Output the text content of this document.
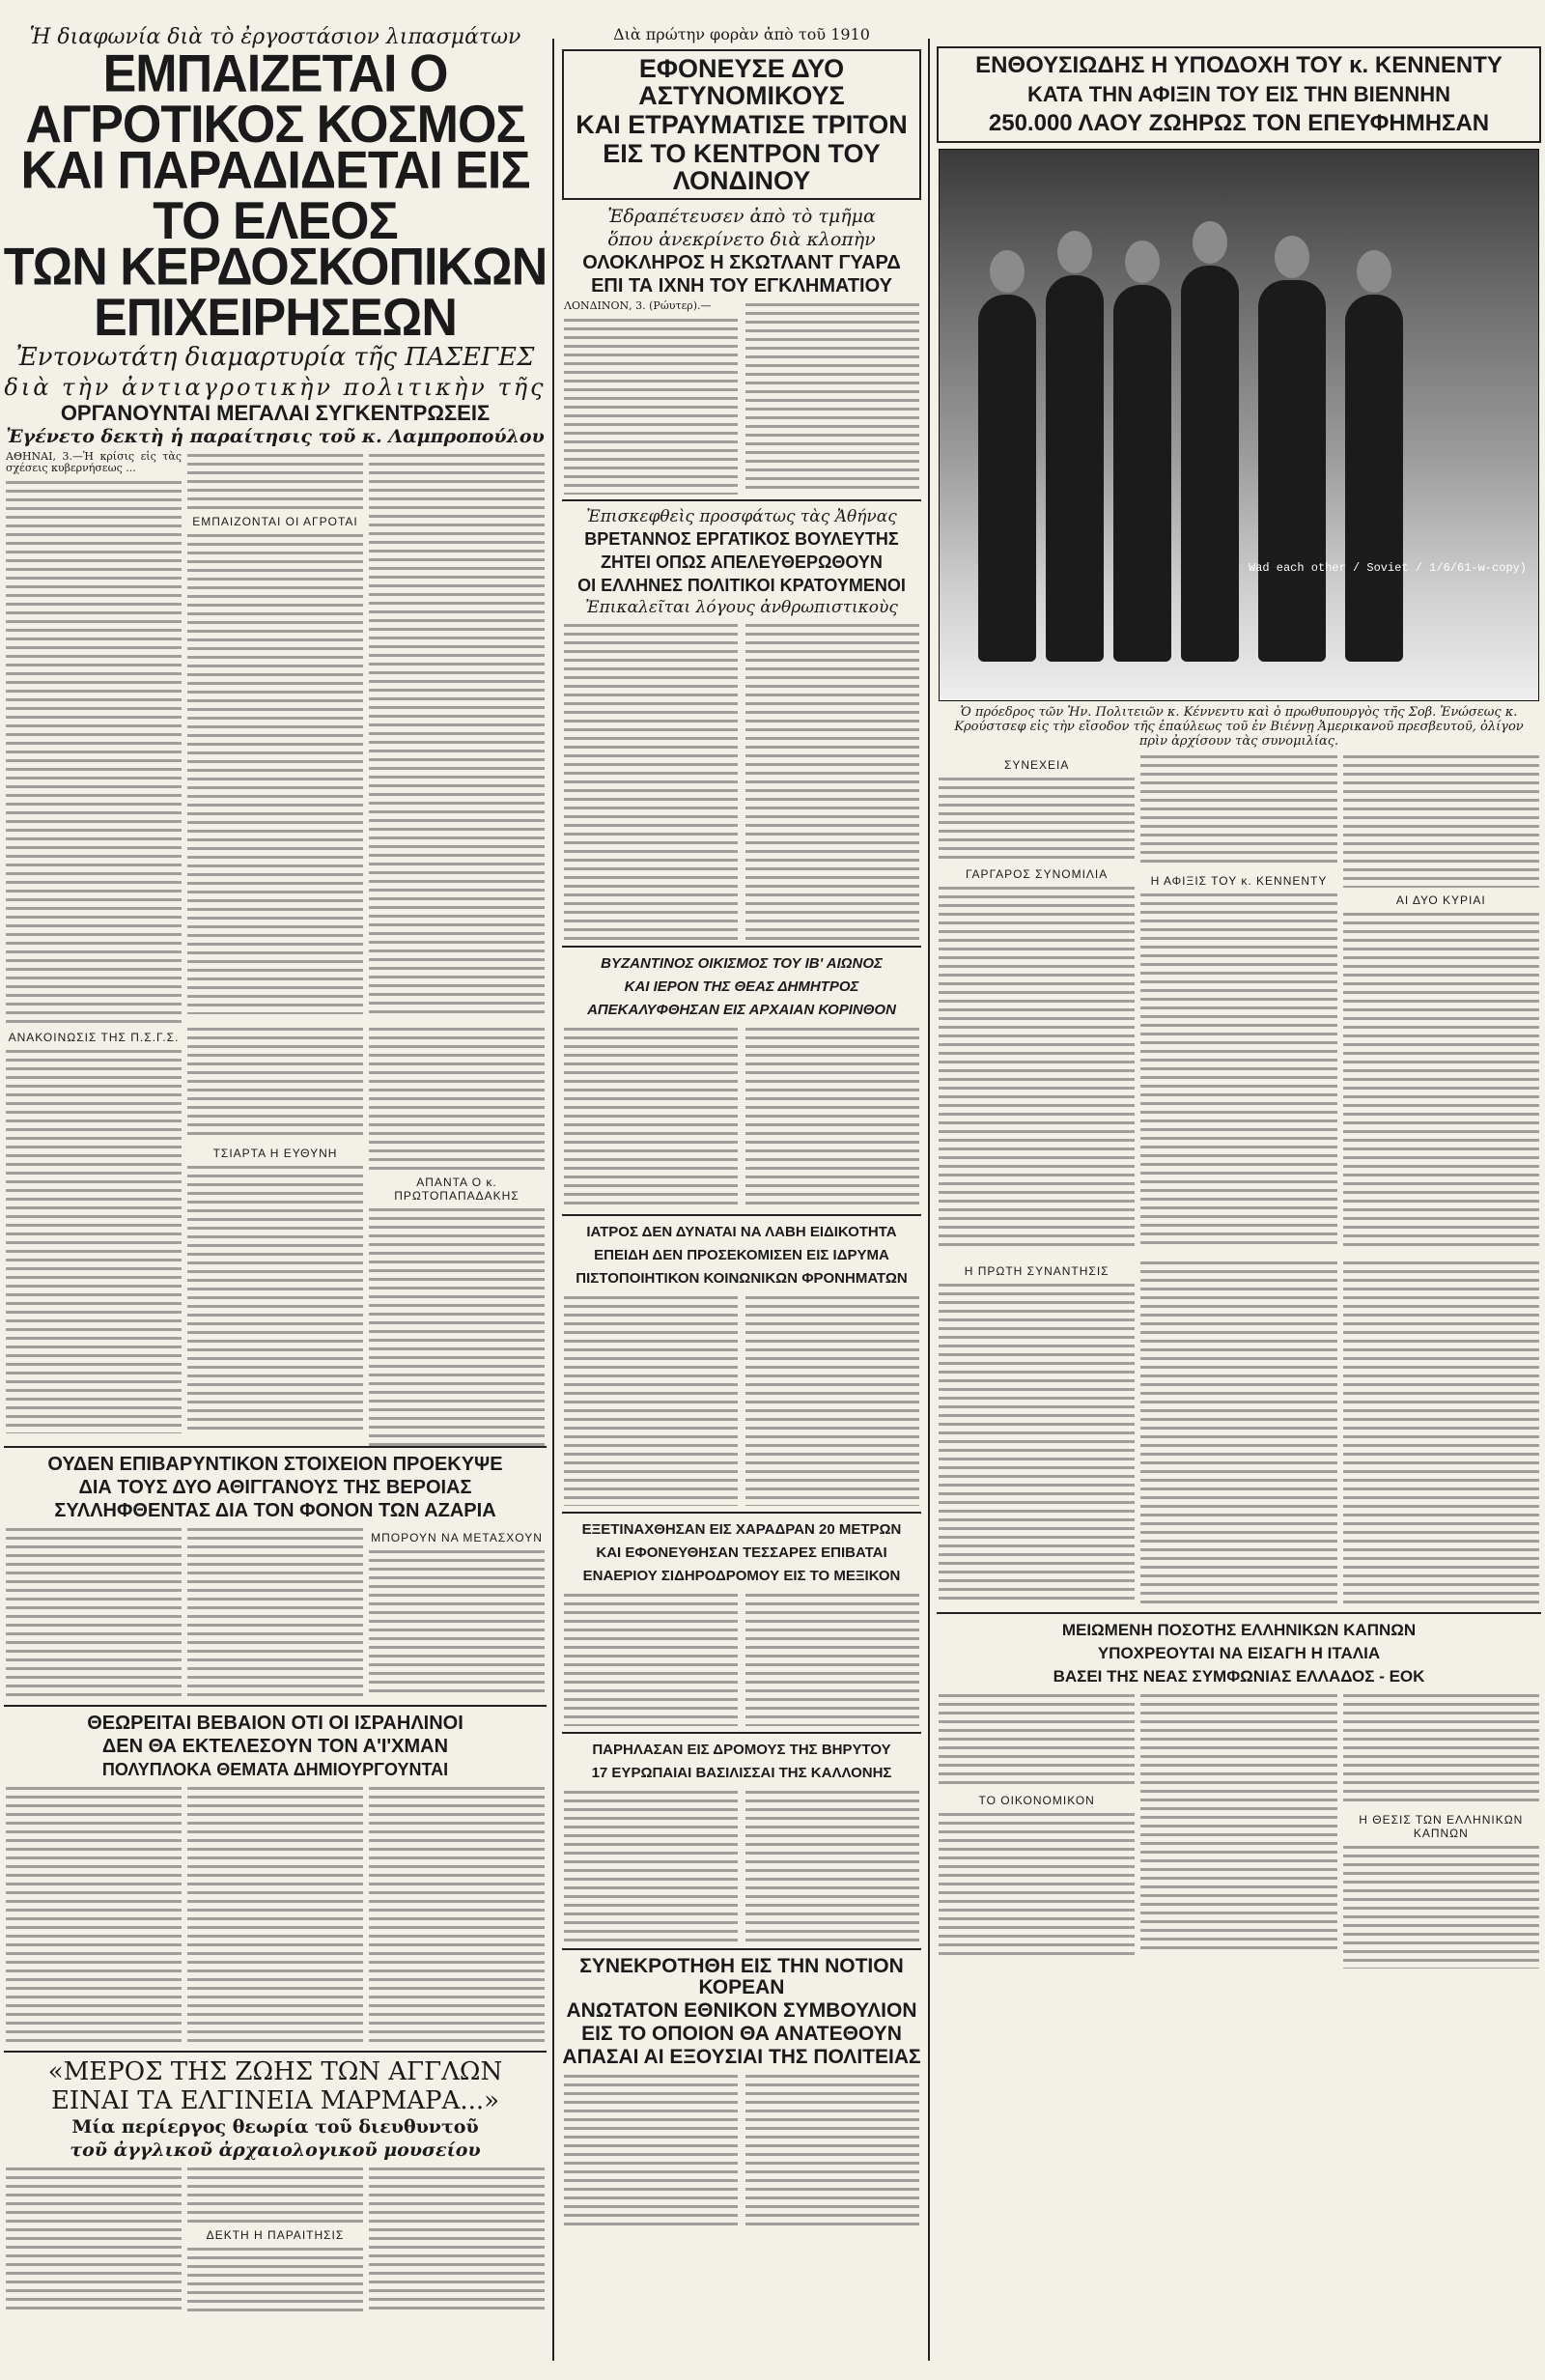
Ἡ διαφωνία διὰ τὸ ἐργοστάσιον λιπασμάτων
ΕΜΠΑΙΖΕΤΑΙ Ο ΑΓΡΟΤΙΚΟΣ ΚΟΣΜΟΣ
ΚΑΙ ΠΑΡΑΔΙΔΕΤΑΙ ΕΙΣ ΤΟ ΕΛΕΟΣ
ΤΩΝ ΚΕΡΔΟΣΚΟΠΙΚΩΝ ΕΠΙΧΕΙΡΗΣΕΩΝ
Ἐντονωτάτη διαμαρτυρία τῆς ΠΑΣΕΓΕΣ
διὰ τὴν ἀντιαγροτικὴν πολιτικὴν τῆς
ΟΡΓΑΝΟΥΝΤΑΙ ΜΕΓΑΛΑΙ ΣΥΓΚΕΝΤΡΩΣΕΙΣ
Ἐγένετο δεκτὴ ἡ παραίτησις τοῦ κ. Λαμπροπούλου

ΑΘΗΝΑΙ, 3.—Ἡ κρίσις εἰς τὰς σχέσεις κυβερνήσεως ...

ΕΜΠΑΙΖΟΝΤΑΙ ΟΙ ΑΓΡΟΤΑΙ
ΑΝΑΚΟΙΝΩΣΙΣ ΤΗΣ Π.Σ.Γ.Σ.
ΤΣΙΑΡΤΑ Η ΕΥΘΥΝΗ
ΑΠΑΝΤΑ Ο κ. ΠΡΩΤΟΠΑΠΑΔΑΚΗΣ
ΟΥΔΕΝ ΕΠΙΒΑΡΥΝΤΙΚΟΝ ΣΤΟΙΧΕΙΟΝ ΠΡΟΕΚΥΨΕ
ΔΙΑ ΤΟΥΣ ΔΥΟ ΑΘΙΓΓΑΝΟΥΣ ΤΗΣ ΒΕΡΟΙΑΣ
ΣΥΛΛΗΦΘΕΝΤΑΣ ΔΙΑ ΤΟΝ ΦΟΝΟΝ ΤΩΝ ΑΖΑΡΙΑ
ΜΠΟΡΟΥΝ ΝΑ ΜΕΤΑΣΧΟΥΝ
ΘΕΩΡΕΙΤΑΙ ΒΕΒΑΙΟΝ ΟΤΙ ΟΙ ΙΣΡΑΗΛΙΝΟΙ
ΔΕΝ ΘΑ ΕΚΤΕΛΕΣΟΥΝ ΤΟΝ Α'Ι'ΧΜΑΝ
ΠΟΛΥΠΛΟΚΑ ΘΕΜΑΤΑ ΔΗΜΙΟΥΡΓΟΥΝΤΑΙ
«ΜΕΡΟΣ ΤΗΣ ΖΩΗΣ ΤΩΝ ΑΓΓΛΩΝ
ΕΙΝΑΙ ΤΑ ΕΛΓΙΝΕΙΑ ΜΑΡΜΑΡΑ...»
Μία περίεργος θεωρία τοῦ διευθυντοῦ
τοῦ ἀγγλικοῦ ἀρχαιολογικοῦ μουσείου
ΔΕΚΤΗ Η ΠΑΡΑΙΤΗΣΙΣ
Διὰ πρώτην φορὰν ἀπὸ τοῦ 1910
ΕΦΟΝΕΥΣΕ ΔΥΟ ΑΣΤΥΝΟΜΙΚΟΥΣ
ΚΑΙ ΕΤΡΑΥΜΑΤΙΣΕ ΤΡΙΤΟΝ
ΕΙΣ ΤΟ ΚΕΝΤΡΟΝ ΤΟΥ ΛΟΝΔΙΝΟΥ
Ἐδραπέτευσεν ἀπὸ τὸ τμῆμα
ὅπου ἀνεκρίνετο διὰ κλοπὴν
ΟΛΟΚΛΗΡΟΣ Η ΣΚΩΤΛΑΝΤ ΓΥΑΡΔ
ΕΠΙ ΤΑ ΙΧΝΗ ΤΟΥ ΕΓΚΛΗΜΑΤΙΟΥ

ΛΟΝΔΙΝΟΝ, 3. (Ρώυτερ).—

Ἐπισκεφθεὶς προσφάτως τὰς Ἀθήνας
ΒΡΕΤΑΝΝΟΣ ΕΡΓΑΤΙΚΟΣ ΒΟΥΛΕΥΤΗΣ
ΖΗΤΕΙ ΟΠΩΣ ΑΠΕΛΕΥΘΕΡΩΘΟΥΝ
ΟΙ ΕΛΛΗΝΕΣ ΠΟΛΙΤΙΚΟΙ ΚΡΑΤΟΥΜΕΝΟΙ
Ἐπικαλεῖται λόγους ἀνθρωπιστικοὺς
ΒΥΖΑΝΤΙΝΟΣ ΟΙΚΙΣΜΟΣ ΤΟΥ ΙΒ' ΑΙΩΝΟΣ
ΚΑΙ ΙΕΡΟΝ ΤΗΣ ΘΕΑΣ ΔΗΜΗΤΡΟΣ
ΑΠΕΚΑΛΥΦΘΗΣΑΝ ΕΙΣ ΑΡΧΑΙΑΝ ΚΟΡΙΝΘΟΝ
ΙΑΤΡΟΣ ΔΕΝ ΔΥΝΑΤΑΙ ΝΑ ΛΑΒΗ ΕΙΔΙΚΟΤΗΤΑ
ΕΠΕΙΔΗ ΔΕΝ ΠΡΟΣΕΚΟΜΙΣΕΝ ΕΙΣ ΙΔΡΥΜΑ
ΠΙΣΤΟΠΟΙΗΤΙΚΟΝ ΚΟΙΝΩΝΙΚΩΝ ΦΡΟΝΗΜΑΤΩΝ
ΕΞΕΤΙΝΑΧΘΗΣΑΝ ΕΙΣ ΧΑΡΑΔΡΑΝ 20 ΜΕΤΡΩΝ
ΚΑΙ ΕΦΟΝΕΥΘΗΣΑΝ ΤΕΣΣΑΡΕΣ ΕΠΙΒΑΤΑΙ
ΕΝΑΕΡΙΟΥ ΣΙΔΗΡΟΔΡΟΜΟΥ ΕΙΣ ΤΟ ΜΕΞΙΚΟΝ
ΠΑΡΗΛΑΣΑΝ ΕΙΣ ΔΡΟΜΟΥΣ ΤΗΣ ΒΗΡΥΤΟΥ
17 ΕΥΡΩΠΑΙΑΙ ΒΑΣΙΛΙΣΣΑΙ ΤΗΣ ΚΑΛΛΟΝΗΣ
ΣΥΝΕΚΡΟΤΗΘΗ ΕΙΣ ΤΗΝ ΝΟΤΙΟΝ ΚΟΡΕΑΝ
ΑΝΩΤΑΤΟΝ ΕΘΝΙΚΟΝ ΣΥΜΒΟΥΛΙΟΝ
ΕΙΣ ΤΟ ΟΠΟΙΟΝ ΘΑ ΑΝΑΤΕΘΟΥΝ
ΑΠΑΣΑΙ ΑΙ ΕΞΟΥΣΙΑΙ ΤΗΣ ΠΟΛΙΤΕΙΑΣ
ΕΝΘΟΥΣΙΩΔΗΣ Η ΥΠΟΔΟΧΗ ΤΟΥ κ. ΚΕΝΝΕΝΤΥ
ΚΑΤΑ ΤΗΝ ΑΦΙΞΙΝ ΤΟΥ ΕΙΣ ΤΗΝ ΒΙΕΝΝΗΝ
250.000 ΛΑΟΥ ΖΩΗΡΩΣ ΤΟΝ ΕΠΕΥΦΗΜΗΣΑΝ
Wad each other / Soviet / 1/6/61-w-copy)
Ὁ πρόεδρος τῶν Ἡν. Πολιτειῶν κ. Κέννεντυ καὶ ὁ πρωθυπουργὸς τῆς Σοβ. Ἑνώσεως κ. Κρούστσεφ εἰς τὴν εἴσοδον τῆς ἐπαύλεως τοῦ ἐν Βιέννῃ Ἀμερικανοῦ πρεσβευτοῦ, ὀλίγον πρὶν ἀρχίσουν τὰς συνομιλίας.
ΣΥΝΕΧΕΙΑ
ΓΑΡΓΑΡΟΣ ΣΥΝΟΜΙΛΙΑ	Η ΑΦΙΞΙΣ ΤΟΥ κ. ΚΕΝΝΕΝΤΥ
ΑΙ ΔΥΟ ΚΥΡΙΑΙ
Η ΠΡΩΤΗ ΣΥΝΑΝΤΗΣΙΣ
ΜΕΙΩΜΕΝΗ ΠΟΣΟΤΗΣ ΕΛΛΗΝΙΚΩΝ ΚΑΠΝΩΝ
ΥΠΟΧΡΕΟΥΤΑΙ ΝΑ ΕΙΣΑΓΗ Η ΙΤΑΛΙΑ
ΒΑΣΕΙ ΤΗΣ ΝΕΑΣ ΣΥΜΦΩΝΙΑΣ ΕΛΛΑΔΟΣ - ΕΟΚ
ΤΟ ΟΙΚΟΝΟΜΙΚΟΝ
Η ΘΕΣΙΣ ΤΩΝ ΕΛΛΗΝΙΚΩΝ ΚΑΠΝΩΝ
